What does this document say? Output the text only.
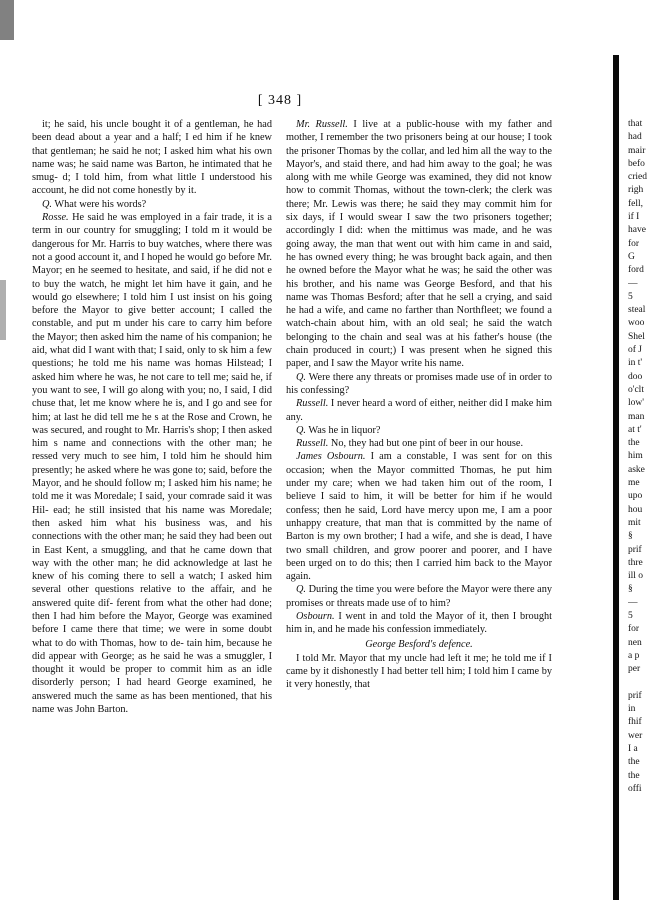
[ 348 ]

it; he said, his uncle bought it of a gentleman, he had been dead about a year and a half; I ed him if he knew that gentleman; he said he not; I asked him what his own name was; he said name was Barton, he intimated that he smug- d; I told him, from what little I understood his account, he did not come honestly by it.

Q. What were his words?

Rosse. He said he was employed in a fair trade, it is a term in our country for smuggling; I told m it would be dangerous for Mr. Harris to buy watches, where there was not a good account it, and I hoped he would go before Mr. Mayor; en he seemed to hesitate, and said, if he did not e to buy the watch, he might let him have it gain, and he would go elsewhere; I told him I ust insist on his going before the Mayor to give better account; I called the constable, and put m under his care to carry him before the Mayor; then asked him the name of his companion; he aid, what did I want with that; I said, only to sk him a few questions; he told me his name was homas Hilstead; I asked him where he was, he not care to tell me; said he, if you want to see, I will go along with you; no, I said, I did chuse that, let me know where he is, and I go and see for him; at last he did tell me he s at the Rose and Crown, he was secured, and rought to Mr. Harris's shop; I then asked him s name and connections with the other man; he ressed very much to see him, I told him he should him presently; he asked where he was gone to; said, before the Mayor, and he should follow m; I asked him his name; he told me it was Moredale; I said, your comrade said it was Hil- ead; he still insisted that his name was Moredale; then asked him what his business was, and his connections with the other man; he said they had been out in East Kent, a smuggling, and that he came down that way with the other man; he did acknowledge at last he knew of his coming there to sell a watch; I asked him several other questions relative to the affair, and he answered quite dif- ferent from what the other had done; then I had him before the Mayor, George was examined before I came there that time; we were in some doubt what to do with Thomas, how to de- tain him, because he did appear with George; as he said he was a smuggler, I thought it would be proper to commit him as an idle disorderly person; I had heard George examined, he answered much the same as has been mentioned, that his name was John Barton.

Mr. Russell. I live at a public-house with my father and mother, I remember the two prisoners being at our house; I took the prisoner Thomas by the collar, and led him all the way to the Mayor's, and staid there, and had him away to the goal; he was along with me while George was examined, they did not know how to commit Thomas, without the town-clerk; the clerk was there; Mr. Lewis was there; he said they may commit him for six days, if I would swear I saw the two prisoners together; accordingly I did: when the mittimus was made, and he was going away, the man that went out with him came in and said, he has owned every thing; he was brought back again, and then he owned before the Mayor what he was; he said the other was his brother, and his name was George Besford, and that his name was Thomas Besford; after that he sell a crying, and said he had a wife, and came no farther than Northfleet; we found a watch-chain about him, with an old seal; he said the watch belonging to the chain and seal was at his father's house (the chain produced in court;) I was present when he signed this paper, and I saw the Mayor write his name.

Q. Were there any threats or promises made use of in order to his confessing?

Russell. I never heard a word of either, neither did I make him any.

Q. Was he in liquor?

Russell. No, they had but one pint of beer in our house.

James Osbourn. I am a constable, I was sent for on this occasion; when the Mayor committed Thomas, he put him under my care; when we had taken him out of the room, I believe I said to him, it will be better for him if he would confess; then he said, Lord have mercy upon me, I am a poor unhappy creature, that man that is committed by the name of Barton is my own brother; I had a wife, and she is dead, I have two small children, and grow poorer and poorer, and I have been urged on to do this; then I carried him back to the Mayor again.

Q. During the time you were before the Mayor were there any promises or threats made use of to him?

Osbourn. I went in and told the Mayor of it, then I brought him in, and he made his confession immediately.

George Besford's defence.

I told Mr. Mayor that my uncle had left it me; he told me if I came by it dishonestly I had better tell him; I told him I came by it very honestly, that

that
had
mair
befo
cried
righ
fell,
if I
have
for
G
ford
—
5
steal
woo
Shel
of J
in t'
doo
o'clt
low'
man
at t'
the
him
aske
me
upo
hou
mit
§
prif
thre
ill o
§
—
5
for
nen
a p
per
prif
in
fhif
wer
I a
the
the
offi
